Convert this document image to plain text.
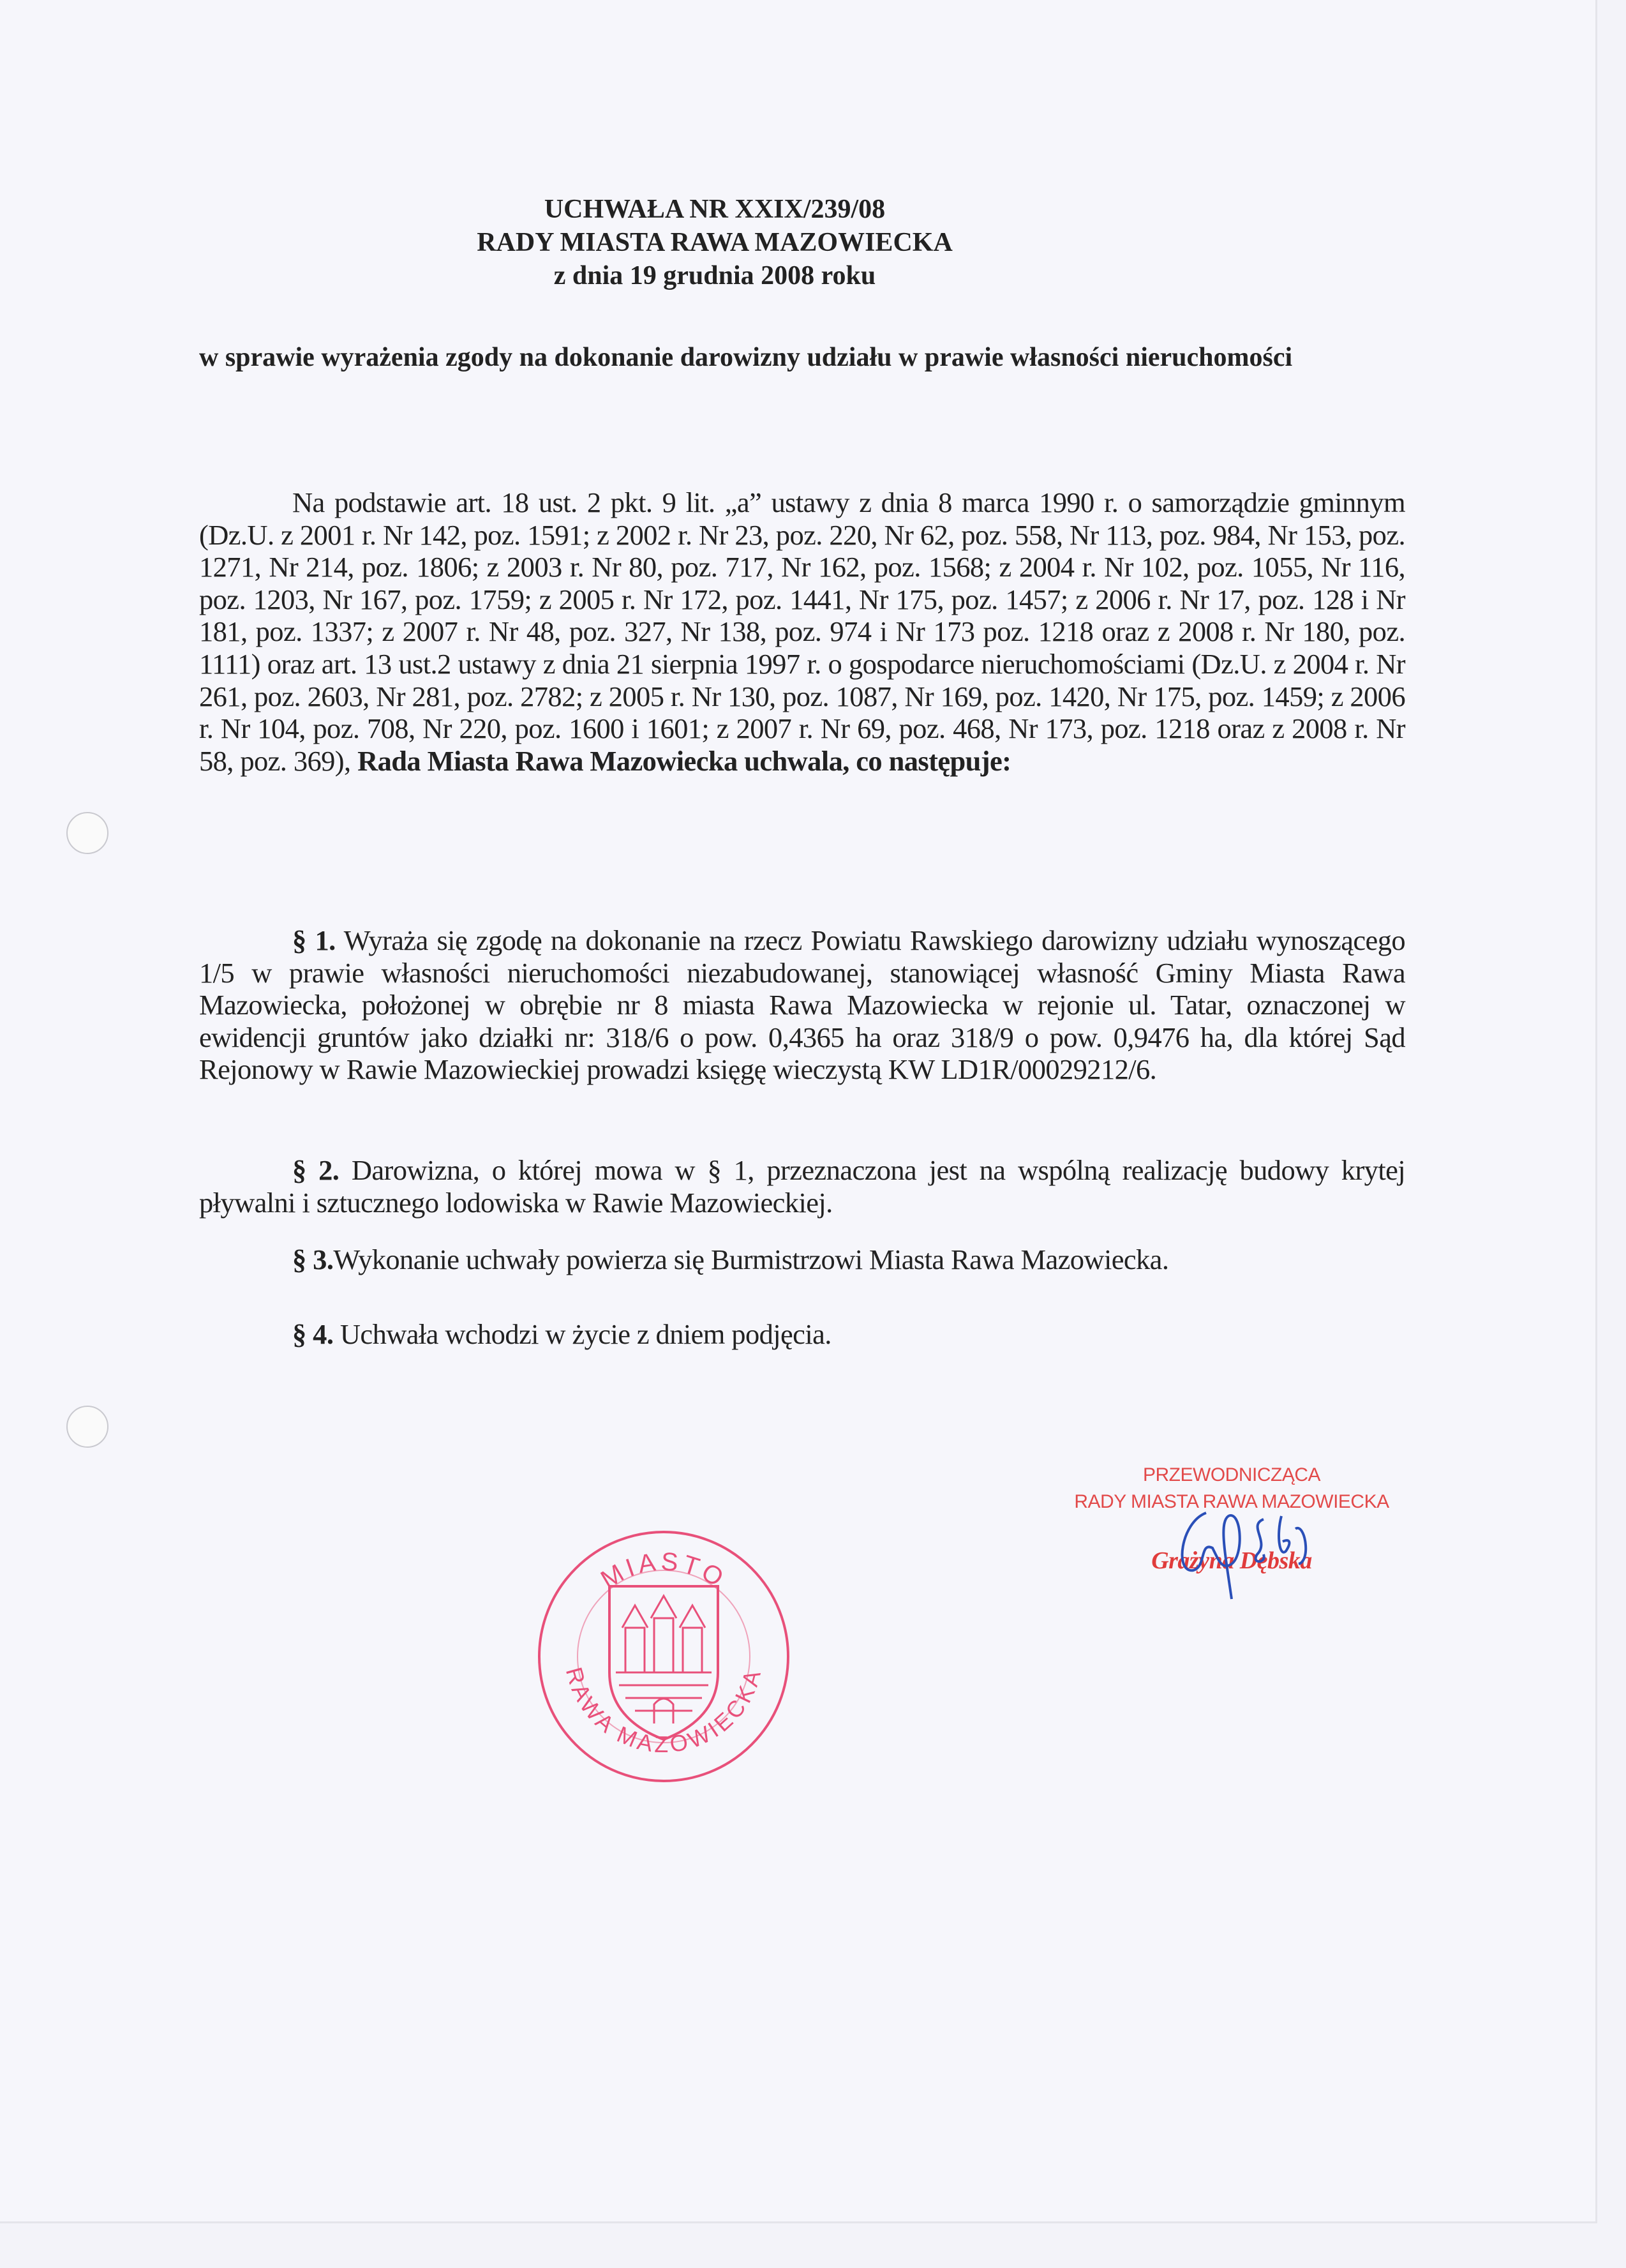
UCHWAŁA NR XXIX/239/08
RADY MIASTA RAWA MAZOWIECKA
z dnia 19 grudnia 2008 roku
w sprawie wyrażenia zgody na dokonanie darowizny udziału w prawie własności nieruchomości
Na podstawie art. 18 ust. 2 pkt. 9 lit. „a” ustawy z dnia 8 marca 1990 r. o samorządzie gminnym (Dz.U. z 2001 r. Nr 142, poz. 1591; z 2002 r. Nr 23, poz. 220, Nr 62, poz. 558, Nr 113, poz. 984, Nr 153, poz. 1271, Nr 214, poz. 1806; z 2003 r. Nr 80, poz. 717, Nr 162, poz. 1568; z 2004 r. Nr 102, poz. 1055, Nr 116, poz. 1203, Nr 167, poz. 1759; z 2005 r. Nr 172, poz. 1441, Nr 175, poz. 1457; z 2006 r. Nr 17, poz. 128 i Nr 181, poz. 1337; z 2007 r. Nr 48, poz. 327, Nr 138, poz. 974 i Nr 173 poz. 1218 oraz z 2008 r. Nr 180, poz. 1111) oraz art. 13 ust.2 ustawy z dnia 21 sierpnia 1997 r. o gospodarce nieruchomościami (Dz.U. z 2004 r. Nr 261, poz. 2603, Nr 281, poz. 2782; z 2005 r. Nr 130, poz. 1087, Nr 169, poz. 1420, Nr 175, poz. 1459; z 2006 r. Nr 104, poz. 708, Nr 220, poz. 1600 i 1601; z 2007 r. Nr 69, poz. 468, Nr 173, poz. 1218 oraz z 2008 r. Nr 58, poz. 369), Rada Miasta Rawa Mazowiecka uchwala, co następuje:
§ 1. Wyraża się zgodę na dokonanie na rzecz Powiatu Rawskiego darowizny udziału wynoszącego 1/5 w prawie własności nieruchomości niezabudowanej, stanowiącej własność Gminy Miasta Rawa Mazowiecka, położonej w obrębie nr 8 miasta Rawa Mazowiecka w rejonie ul. Tatar, oznaczonej w ewidencji gruntów jako działki nr: 318/6 o pow. 0,4365 ha oraz 318/9 o pow. 0,9476 ha, dla której Sąd Rejonowy w Rawie Mazowieckiej prowadzi księgę wieczystą KW LD1R/00029212/6.
§ 2. Darowizna, o której mowa w § 1, przeznaczona jest na wspólną realizację budowy krytej pływalni i sztucznego lodowiska w Rawie Mazowieckiej.
§ 3.Wykonanie uchwały powierza się Burmistrzowi Miasta Rawa Mazowiecka.
§ 4. Uchwała wchodzi w życie z dniem podjęcia.
PRZEWODNICZĄCA
RADY MIASTA RAWA MAZOWIECKA
Grażyna Dębska
MIASTO
RAWA MAZOWIECKA
